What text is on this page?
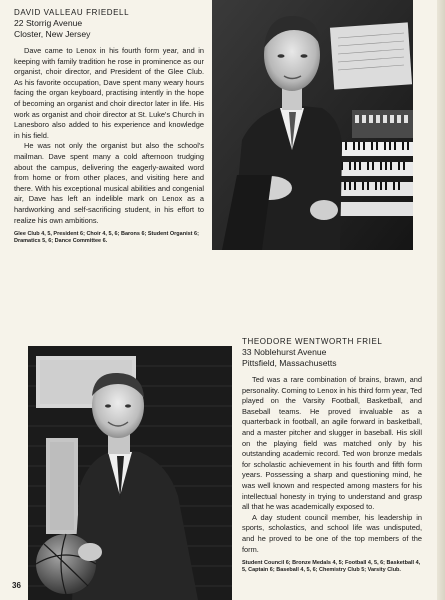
DAVID VALLEAU FRIEDELL

22 Storrig Avenue

Closter, New Jersey

Dave came to Lenox in his fourth form year, and in keeping with family tradition he rose in prominence as our organist, choir director, and President of the Glee Club. As his favorite occupation, Dave spent many weary hours facing the organ keyboard, practising intently in the hope of becoming an organist and choir director later in life. His work as organist and choir director at St. Luke's Church in Lanesboro also added to his experience and knowledge in his field.

He was not only the organist but also the school's mailman. Dave spent many a cold afternoon trudging about the campus, delivering the eagerly-awaited word from home or from other places, and visiting here and there. With his exceptional musical abilities and congenial air, Dave has left an indelible mark on Lenox as a hardworking and self-sacrificing student, in his effort to realize his own ambitions.

Glee Club 4, 5, President 6; Choir 4, 5, 6; Barons 6; Student Organist 6; Dramatics 5, 6; Dance Committee 6.

THEODORE WENTWORTH FRIEL

33 Noblehurst Avenue

Pittsfield, Massachusetts

Ted was a rare combination of brains, brawn, and personality. Coming to Lenox in his third form year, Ted played on the Varsity Football, Basketball, and Baseball teams. He proved invaluable as a quarterback in football, an agile forward in basketball, and a master pitcher and slugger in baseball. His skill on the playing field was matched only by his outstanding academic record. Ted won bronze medals for scholastic achievement in his fourth and fifth form years. Possessing a sharp and questioning mind, he was well known and respected among masters for his intellectual honesty in trying to understand and grasp all that he was academically exposed to.

A day student council member, his leadership in sports, scholastics, and school life was undisputed, and he proved to be one of the top members of the form.

Student Council 6; Bronze Medals 4, 5; Football 4, 5, 6; Basketball 4, 5, Captain 6; Baseball 4, 5, 6; Chemistry Club 5; Varsity Club.

36
